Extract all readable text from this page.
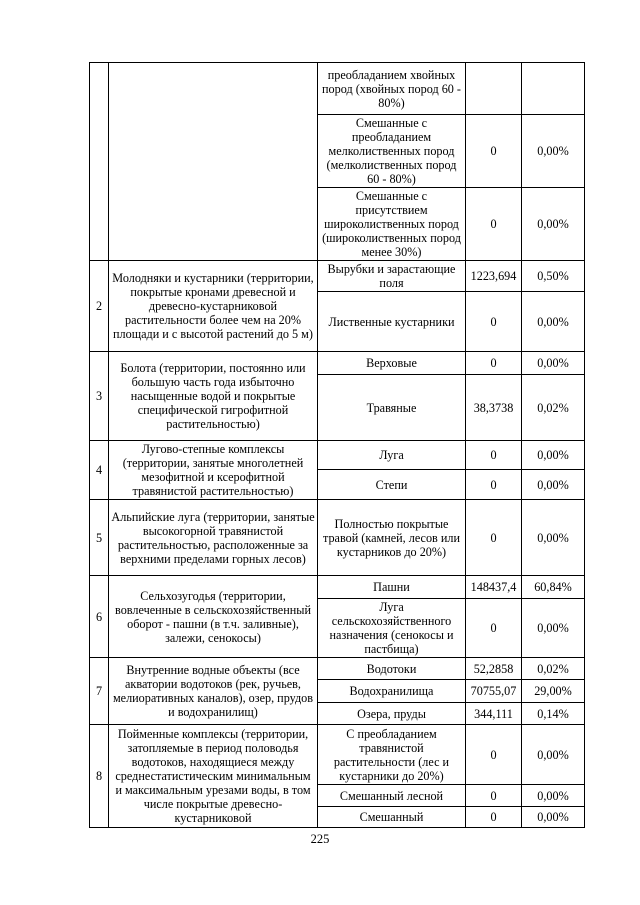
		преобладанием хвойных пород (хвойных пород 60 - 80%)		
		Смешанные с преобладанием мелколиственных пород (мелколиственных пород 60 - 80%)	0	0,00%
		Смешанные с присутствием широколиственных пород (широколиственных пород менее 30%)	0	0,00%
2	Молодняки и кустарники (территории, покрытые кронами древесной и древесно-кустарниковой растительности более чем на 20% площади и с высотой растений до 5 м)	Вырубки и зарастающие поля	1223,694	0,50%
		Лиственные кустарники	0	0,00%
3	Болота (территории, постоянно или большую часть года избыточно насыщенные водой и покрытые специфической гигрофитной растительностью)	Верховые	0	0,00%
		Травяные	38,3738	0,02%
4	Лугово-степные комплексы (территории, занятые многолетней мезофитной и ксерофитной травянистой растительностью)	Луга	0	0,00%
		Степи	0	0,00%
5	Альпийские луга (территории, занятые высокогорной травянистой растительностью, расположенные за верхними пределами горных лесов)	Полностью покрытые травой (камней, лесов или кустарников до 20%)	0	0,00%
6	Сельхозугодья (территории, вовлеченные в сельскохозяйственный оборот - пашни (в т.ч. заливные), залежи, сенокосы)	Пашни	148437,4	60,84%
		Луга сельскохозяйственного назначения (сенокосы и пастбища)	0	0,00%
7	Внутренние водные объекты (все акватории водотоков (рек, ручьев, мелиоративных каналов), озер, прудов и водохранилищ)	Водотоки	52,2858	0,02%
		Водохранилища	70755,07	29,00%
		Озера, пруды	344,111	0,14%
8	Пойменные комплексы (территории, затопляемые в период половодья водотоков, находящиеся между среднестатистическим минимальным и максимальным урезами воды, в том числе покрытые древесно-кустарниковой	С преобладанием травянистой растительности (лес и кустарники до 20%)	0	0,00%
		Смешанный лесной	0	0,00%
		Смешанный	0	0,00%
225
